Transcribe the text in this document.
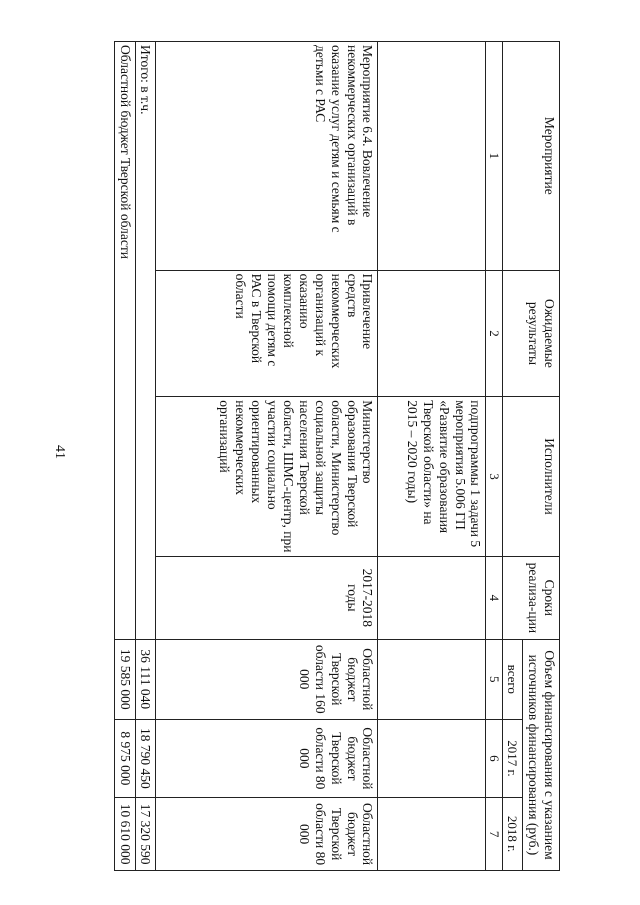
41
Мероприятие	Ожидаемые результаты	Исполнители	Сроки реализа-ции	Объем финансирования с указанием источников финансирования (руб.)		
				всего	2017 г.	2018 г.
1	2	3	4	5	6	7
		подпрограммы 1 задачи 5 мероприятия 5.006 ГП «Развитие образования Тверской области» на 2015 – 2020 годы)				
Мероприятие 6.4. Вовлечение некоммерческих организаций в оказание услуг детям и семьям с детьми с РАС	Привлечение средств некоммерческих организаций к оказанию комплексной помощи детям с РАС в Тверской области	Министерство образования Тверской области, Министерство социальной защиты населения Тверской области, ШМС-центр, при участии социально ориентированных некоммерческих организаций	2017-2018 годы	Областной бюджет Тверской области 160 000	Областной бюджет Тверской области 80 000	Областной бюджет Тверской области 80 000
Итого: в т.ч.				36 111 040	18 790 450	17 320 590
Областной бюджет Тверской области				19 585 000	8 975 000	10 610 000
